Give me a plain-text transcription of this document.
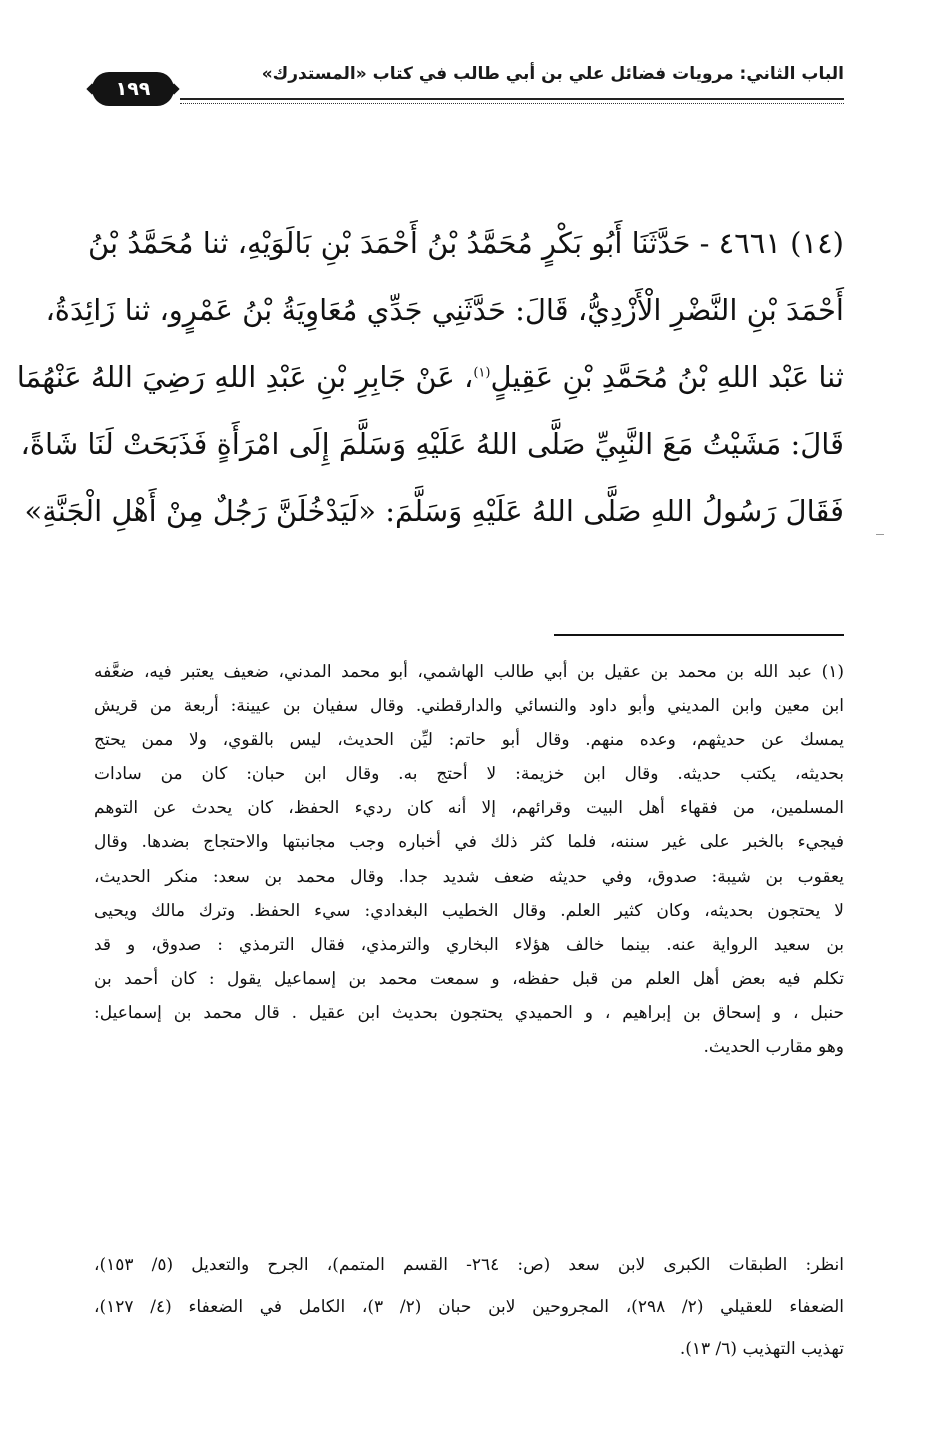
١٩٩
الباب الثاني: مرويات فضائل علي بن أبي طالب في كتاب «المستدرك»
(١٤) ٤٦٦١ - حَدَّثَنَا أَبُو بَكْرٍ مُحَمَّدُ بْنُ أَحْمَدَ بْنِ بَالَوَيْهِ، ثنا مُحَمَّدُ بْنُ
أَحْمَدَ بْنِ النَّضْرِ الْأَزْدِيُّ، قَالَ: حَدَّثَنِي جَدِّي مُعَاوِيَةُ بْنُ عَمْرٍو، ثنا زَائِدَةُ،
ثنا عَبْد اللهِ بْنُ مُحَمَّدِ بْنِ عَقِيلٍ$^{(١)}$، عَنْ جَابِرِ بْنِ عَبْدِ اللهِ رَضِيَ اللهُ عَنْهُمَا
قَالَ: مَشَيْتُ مَعَ النَّبِيِّ صَلَّى اللهُ عَلَيْهِ وَسَلَّمَ إِلَى امْرَأَةٍ فَذَبَحَتْ لَنَا شَاةً،
فَقَالَ رَسُولُ اللهِ صَلَّى اللهُ عَلَيْهِ وَسَلَّمَ: «لَيَدْخُلَنَّ رَجُلٌ مِنْ أَهْلِ الْجَنَّةِ»
(١) عبد الله بن محمد بن عقيل بن أبي طالب الهاشمي، أبو محمد المدني، ضعيف يعتبر فيه، ضعَّفه
ابن معين وابن المديني وأبو داود والنسائي والدارقطني. وقال سفيان بن عيينة: أربعة من قريش
يمسك عن حديثهم، وعده منهم. وقال أبو حاتم: ليِّن الحديث، ليس بالقوي، ولا ممن يحتج
بحديثه، يكتب حديثه. وقال ابن خزيمة: لا أحتج به. وقال ابن حبان: كان من سادات
المسلمين، من فقهاء أهل البيت وقرائهم، إلا أنه كان رديء الحفظ، كان يحدث عن التوهم
فيجيء بالخبر على غير سننه، فلما كثر ذلك في أخباره وجب مجانبتها والاحتجاج بضدها. وقال
يعقوب بن شيبة: صدوق، وفي حديثه ضعف شديد جدا. وقال محمد بن سعد: منكر الحديث،
لا يحتجون بحديثه، وكان كثير العلم. وقال الخطيب البغدادي: سيء الحفظ. وترك مالك ويحيى
بن سعيد الرواية عنه. بينما خالف هؤلاء البخاري والترمذي، فقال الترمذي : صدوق، و قد
تكلم فيه بعض أهل العلم من قبل حفظه، و سمعت محمد بن إسماعيل يقول : كان أحمد بن
حنبل ، و إسحاق بن إبراهيم ، و الحميدي يحتجون بحديث ابن عقيل . قال محمد بن إسماعيل:
وهو مقارب الحديث.
انظر: الطبقات الكبرى لابن سعد (ص: ٢٦٤- القسم المتمم)، الجرح والتعديل (٥/ ١٥٣)،
الضعفاء للعقيلي (٢/ ٢٩٨)، المجروحين لابن حبان (٢/ ٣)، الكامل في الضعفاء (٤/ ١٢٧)،
تهذيب التهذيب (٦/ ١٣).
